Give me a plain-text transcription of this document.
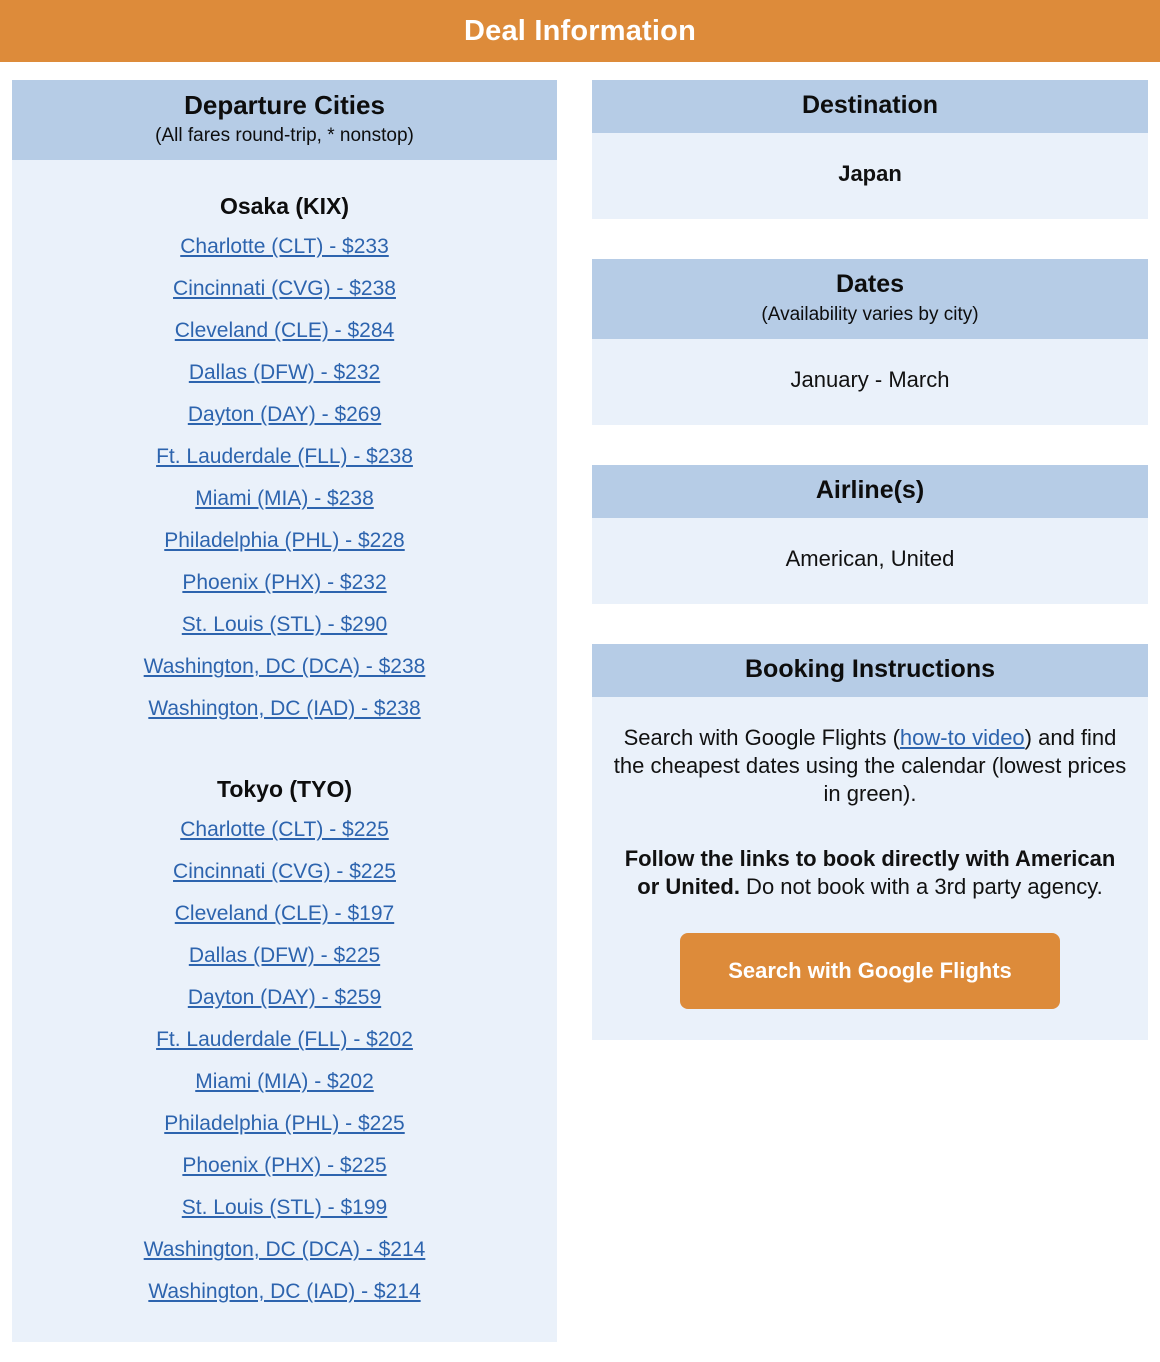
Deal Information
Departure Cities
(All fares round-trip, * nonstop)
Osaka (KIX)
Charlotte (CLT) - $233
Cincinnati (CVG) - $238
Cleveland (CLE) - $284
Dallas (DFW) - $232
Dayton (DAY) - $269
Ft. Lauderdale (FLL) - $238
Miami (MIA) - $238
Philadelphia (PHL) - $228
Phoenix (PHX) - $232
St. Louis (STL) - $290
Washington, DC (DCA) - $238
Washington, DC (IAD) - $238
Tokyo (TYO)
Charlotte (CLT) - $225
Cincinnati (CVG) - $225
Cleveland (CLE) - $197
Dallas (DFW) - $225
Dayton (DAY) - $259
Ft. Lauderdale (FLL) - $202
Miami (MIA) - $202
Philadelphia (PHL) - $225
Phoenix (PHX) - $225
St. Louis (STL) - $199
Washington, DC (DCA) - $214
Washington, DC (IAD) - $214
Destination
Japan
Dates
(Availability varies by city)
January - March
Airline(s)
American, United
Booking Instructions

Search with Google Flights (how-to video) and find the cheapest dates using the calendar (lowest prices in green).

Follow the links to book directly with American or United. Do not book with a 3rd party agency.

Search with Google Flights
